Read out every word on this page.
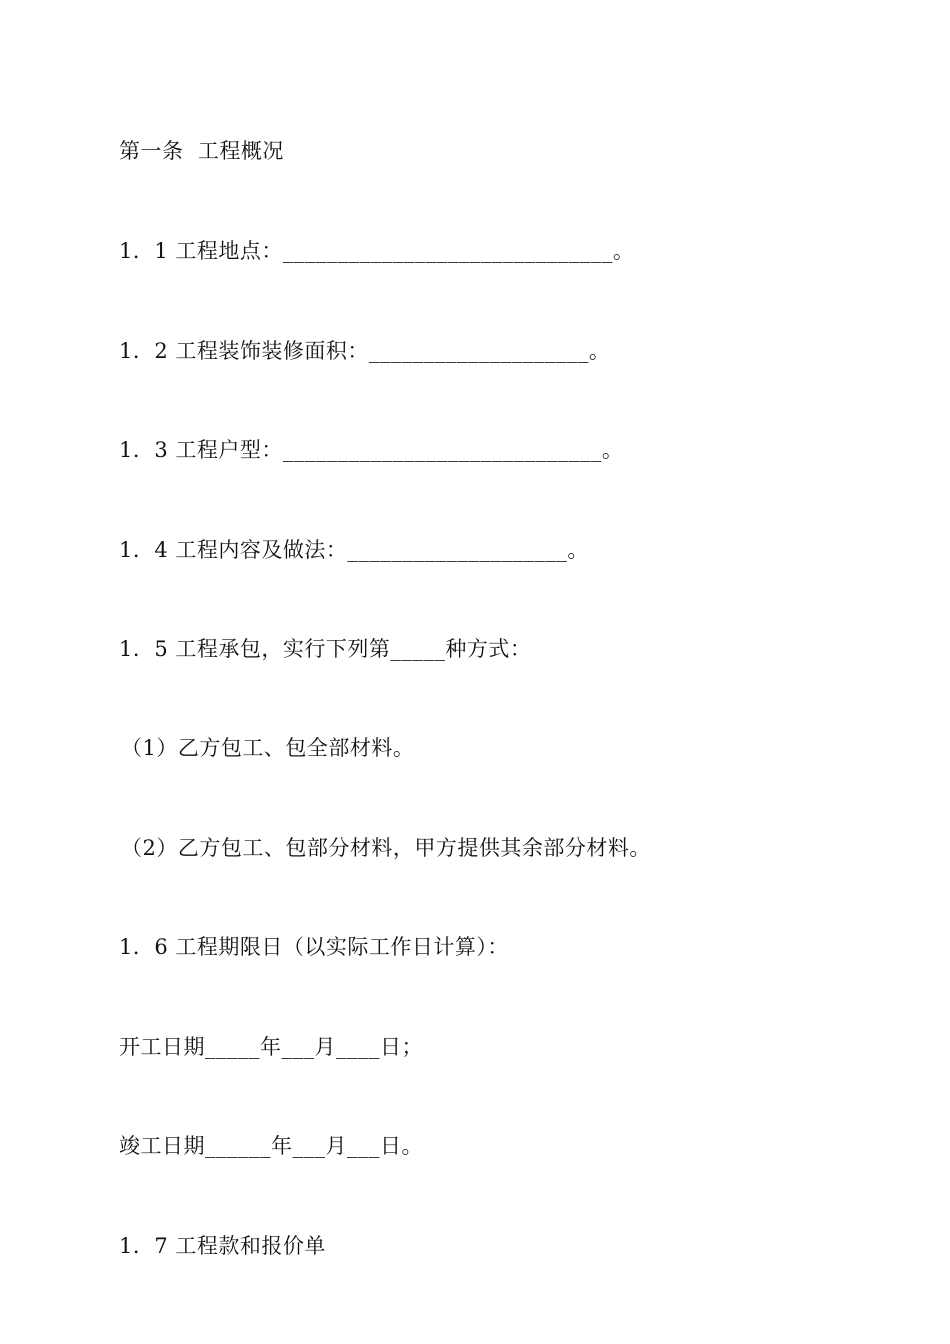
第一条  工程概况
1．1 工程地点：______________________________。
1．2 工程装饰装修面积：____________________。
1．3 工程户型：_____________________________。
1．4 工程内容及做法：____________________。
1．5 工程承包，实行下列第_____种方式：
（1）乙方包工、包全部材料。
（2）乙方包工、包部分材料，甲方提供其余部分材料。
1．6 工程期限日（以实际工作日计算）：
开工日期_____年___月____日；
竣工日期______年___月___日。
1．7 工程款和报价单
